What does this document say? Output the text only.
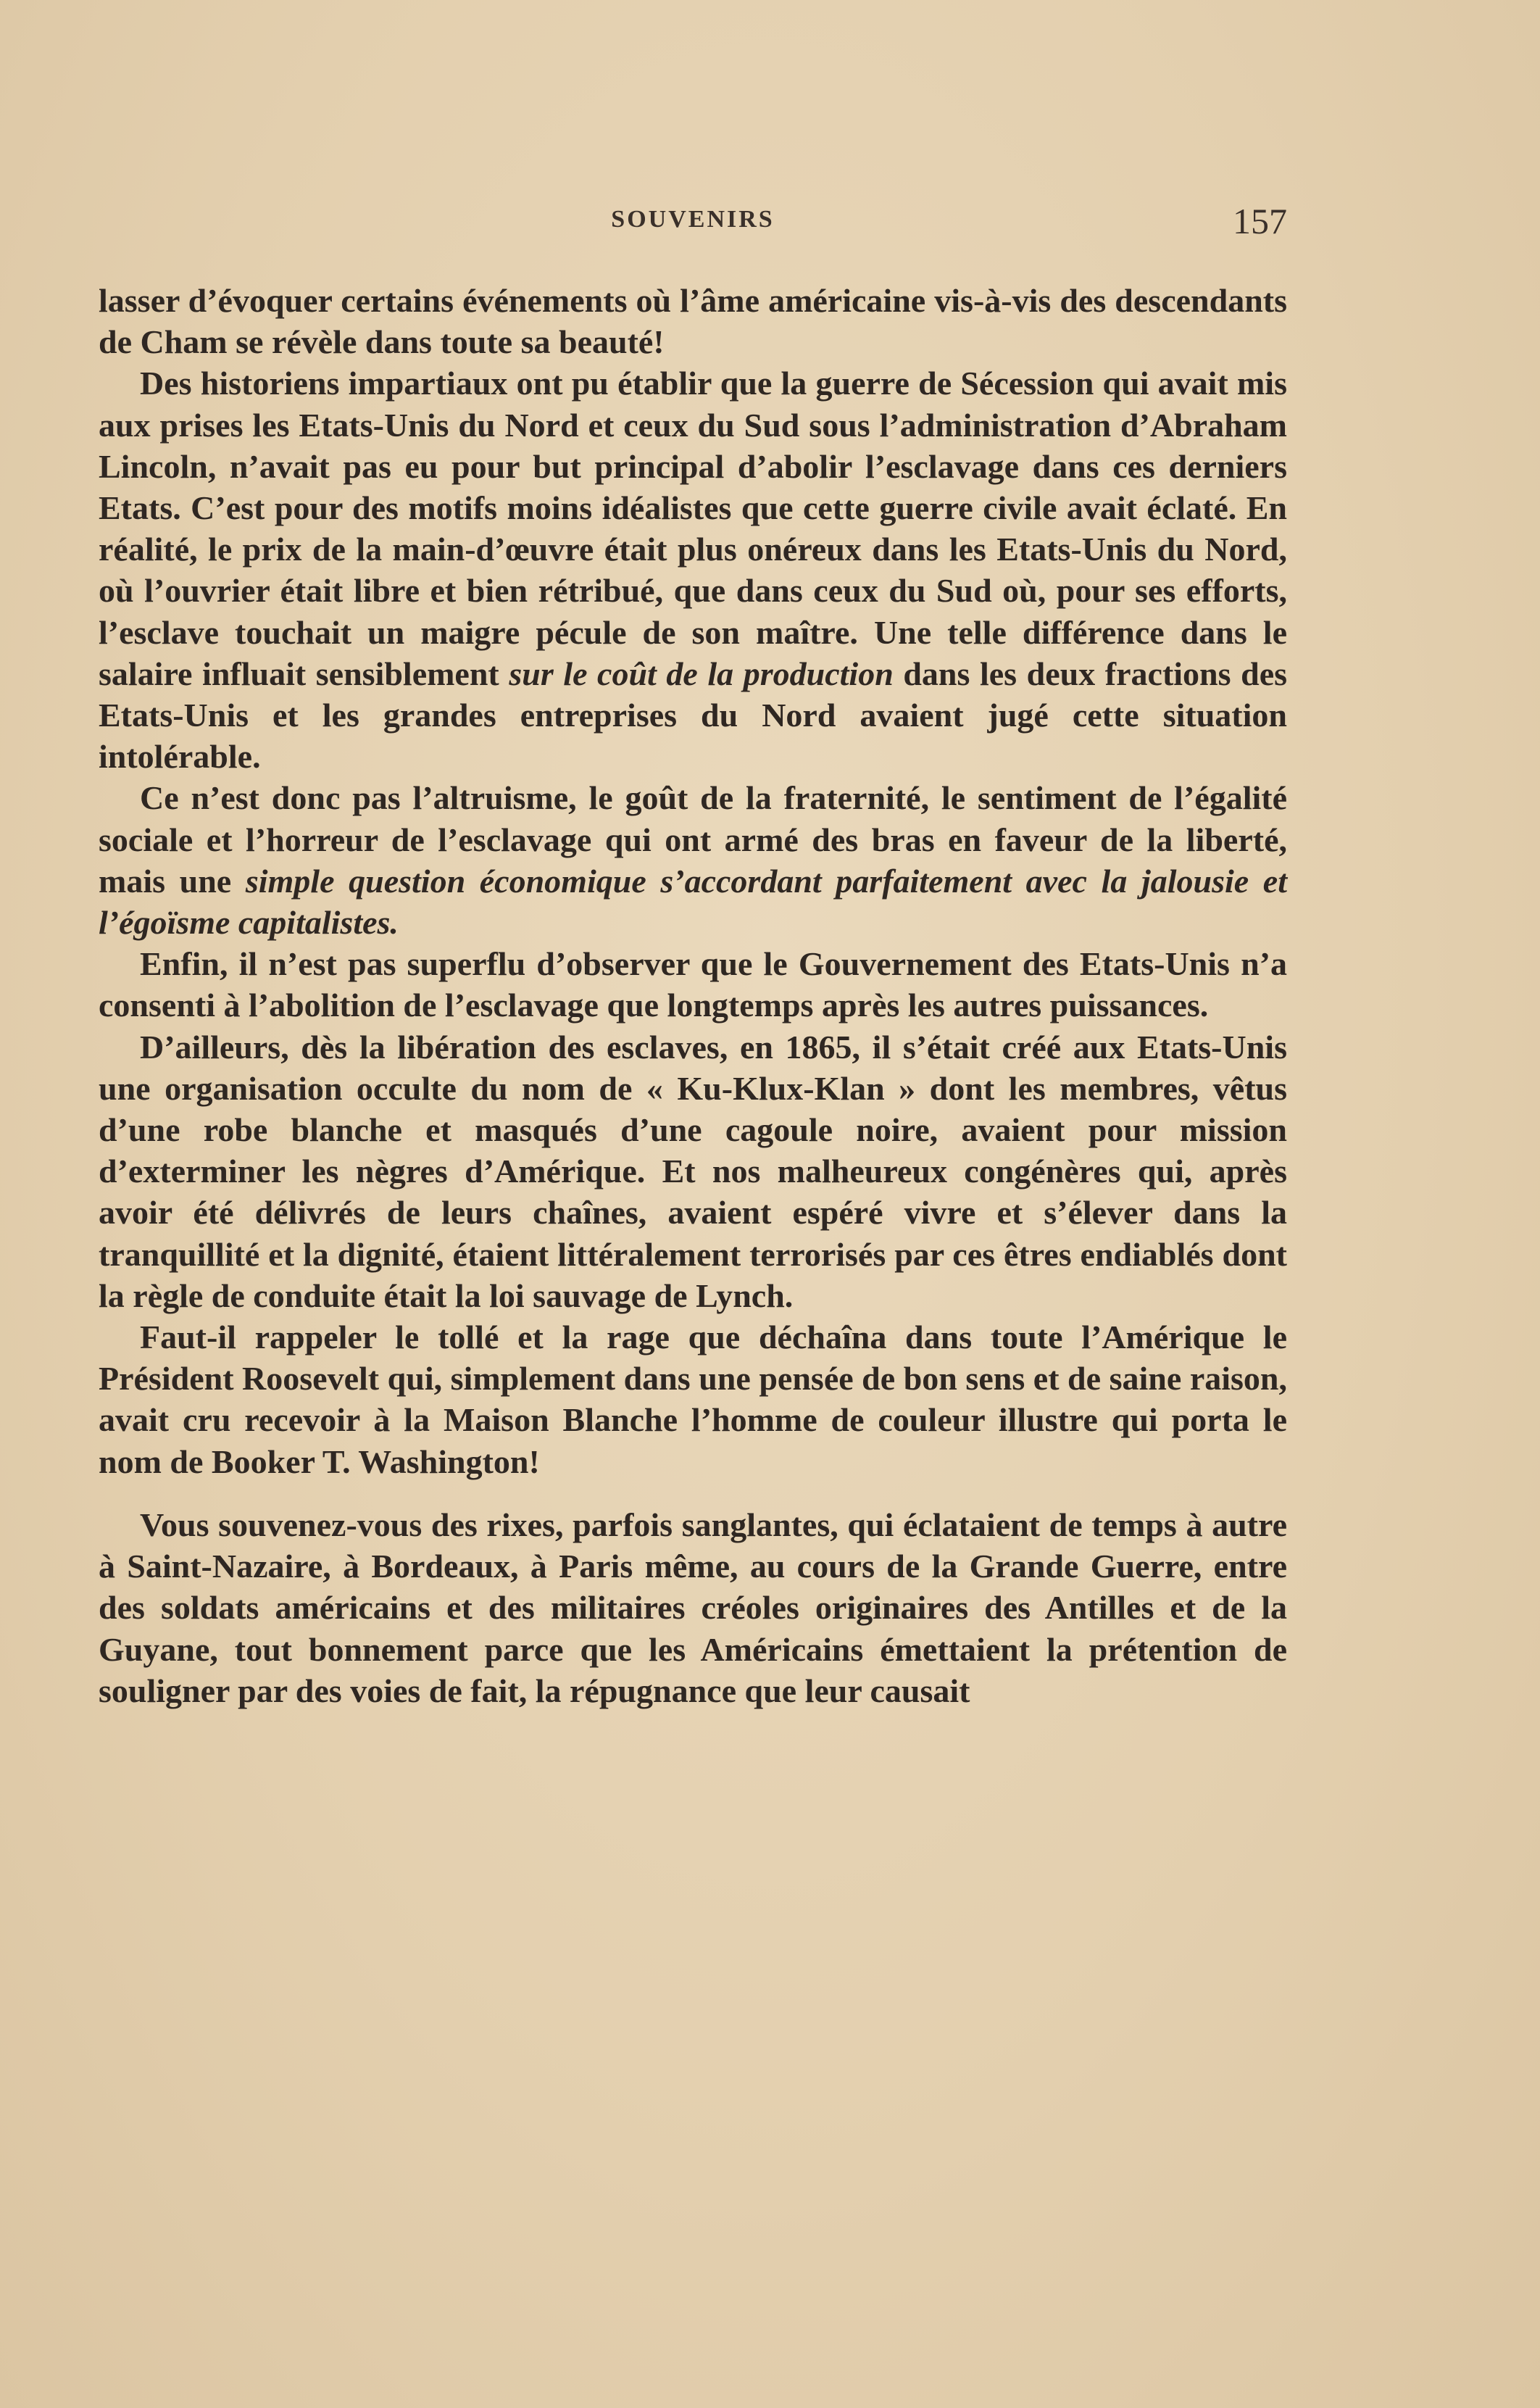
SOUVENIRS	157

lasser d’évoquer certains événements où l’âme américaine vis-à-vis des descendants de Cham se révèle dans toute sa beauté!

Des historiens impartiaux ont pu établir que la guerre de Sécession qui avait mis aux prises les Etats-Unis du Nord et ceux du Sud sous l’administration d’Abraham Lincoln, n’avait pas eu pour but principal d’abolir l’esclavage dans ces derniers Etats. C’est pour des motifs moins idéalistes que cette guerre civile avait éclaté. En réalité, le prix de la main-d’œuvre était plus onéreux dans les Etats-Unis du Nord, où l’ouvrier était libre et bien rétribué, que dans ceux du Sud où, pour ses efforts, l’esclave touchait un maigre pécule de son maître. Une telle différence dans le salaire influait sensiblement sur le coût de la production dans les deux fractions des Etats-Unis et les grandes entreprises du Nord avaient jugé cette situation intolérable.

Ce n’est donc pas l’altruisme, le goût de la fraternité, le sentiment de l’égalité sociale et l’horreur de l’esclavage qui ont armé des bras en faveur de la liberté, mais une simple question économique s’accordant parfaitement avec la jalousie et l’égoïsme capitalistes.

Enfin, il n’est pas superflu d’observer que le Gouvernement des Etats-Unis n’a consenti à l’abolition de l’esclavage que longtemps après les autres puissances.

D’ailleurs, dès la libération des esclaves, en 1865, il s’était créé aux Etats-Unis une organisation occulte du nom de « Ku-Klux-Klan » dont les membres, vêtus d’une robe blanche et masqués d’une cagoule noire, avaient pour mission d’exterminer les nègres d’Amérique. Et nos malheureux congénères qui, après avoir été délivrés de leurs chaînes, avaient espéré vivre et s’élever dans la tranquillité et la dignité, étaient littéralement terrorisés par ces êtres endiablés dont la règle de conduite était la loi sauvage de Lynch.

Faut-il rappeler le tollé et la rage que déchaîna dans toute l’Amérique le Président Roosevelt qui, simplement dans une pensée de bon sens et de saine raison, avait cru recevoir à la Maison Blanche l’homme de couleur illustre qui porta le nom de Booker T. Washington!

Vous souvenez-vous des rixes, parfois sanglantes, qui éclataient de temps à autre à Saint-Nazaire, à Bordeaux, à Paris même, au cours de la Grande Guerre, entre des soldats américains et des militaires créoles originaires des Antilles et de la Guyane, tout bonnement parce que les Américains émettaient la prétention de souligner par des voies de fait, la répugnance que leur causait
